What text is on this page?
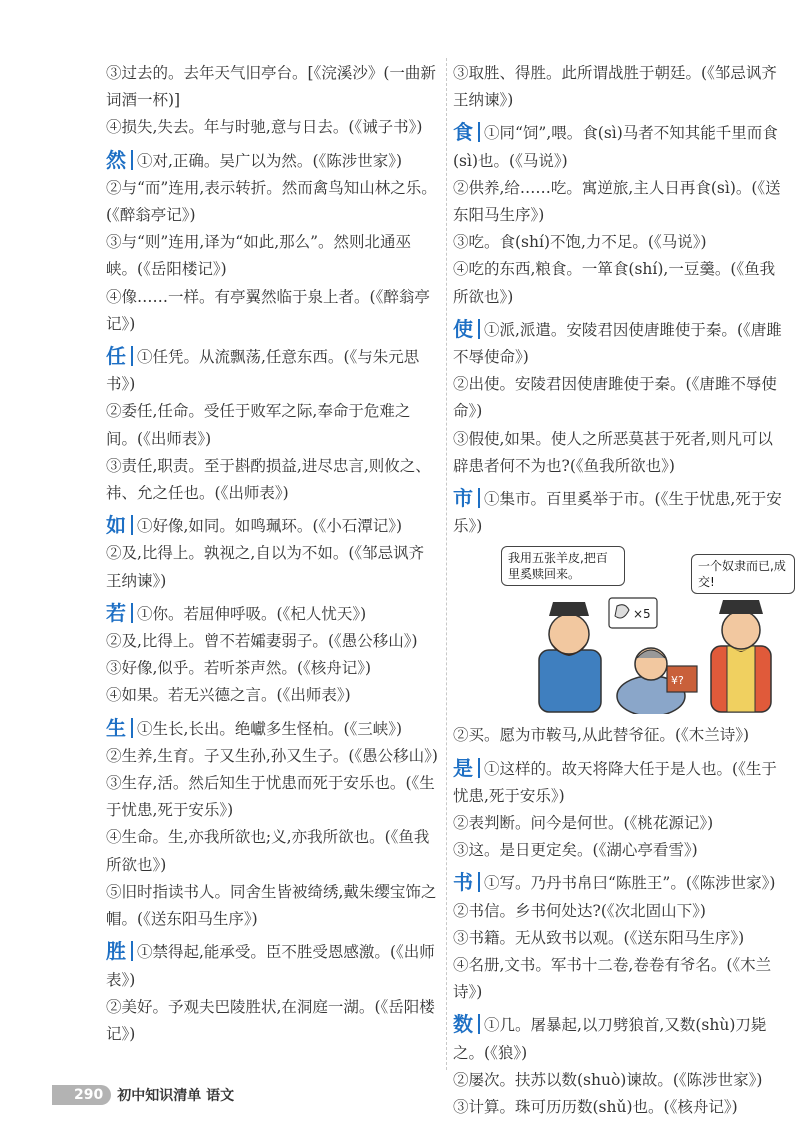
③过去的。去年天气旧亭台。[《浣溪沙》(一曲新词酒一杯)]
④损失,失去。年与时驰,意与日去。(《诫子书》)
然 ①对,正确。吴广以为然。(《陈涉世家》)
②与“而”连用,表示转折。然而禽鸟知山林之乐。(《醉翁亭记》)
③与“则”连用,译为“如此,那么”。然则北通巫峡。(《岳阳楼记》)
④像……一样。有亭翼然临于泉上者。(《醉翁亭记》)
任 ①任凭。从流飘荡,任意东西。(《与朱元思书》)
②委任,任命。受任于败军之际,奉命于危难之间。(《出师表》)
③责任,职责。至于斟酌损益,进尽忠言,则攸之、祎、允之任也。(《出师表》)
如 ①好像,如同。如鸣珮环。(《小石潭记》)
②及,比得上。孰视之,自以为不如。(《邹忌讽齐王纳谏》)
若 ①你。若屈伸呼吸。(《杞人忧天》)
②及,比得上。曾不若孀妻弱子。(《愚公移山》)
③好像,似乎。若听茶声然。(《核舟记》)
④如果。若无兴德之言。(《出师表》)
生 ①生长,长出。绝巘多生怪柏。(《三峡》)
②生养,生育。子又生孙,孙又生子。(《愚公移山》)
③生存,活。然后知生于忧患而死于安乐也。(《生于忧患,死于安乐》)
④生命。生,亦我所欲也;义,亦我所欲也。(《鱼我所欲也》)
⑤旧时指读书人。同舍生皆被绮绣,戴朱缨宝饰之帽。(《送东阳马生序》)
胜 ①禁得起,能承受。臣不胜受恩感激。(《出师表》)
②美好。予观夫巴陵胜状,在洞庭一湖。(《岳阳楼记》)
③取胜、得胜。此所谓战胜于朝廷。(《邹忌讽齐王纳谏》)
食 ①同“饲”,喂。食(sì)马者不知其能千里而食(sì)也。(《马说》)
②供养,给……吃。寓逆旅,主人日再食(sì)。(《送东阳马生序》)
③吃。食(shí)不饱,力不足。(《马说》)
④吃的东西,粮食。一箪食(shí),一豆羹。(《鱼我所欲也》)
使 ①派,派遣。安陵君因使唐雎使于秦。(《唐雎不辱使命》)
②出使。安陵君因使唐雎使于秦。(《唐雎不辱使命》)
③假使,如果。使人之所恶莫甚于死者,则凡可以辟患者何不为也?(《鱼我所欲也》)
市 ①集市。百里奚举于市。(《生于忧患,死于安乐》)
×5
¥?
我用五张羊皮,把百里奚赎回来。
一个奴隶而已,成交!
②买。愿为市鞍马,从此替爷征。(《木兰诗》)
是 ①这样的。故天将降大任于是人也。(《生于忧患,死于安乐》)
②表判断。问今是何世。(《桃花源记》)
③这。是日更定矣。(《湖心亭看雪》)
书 ①写。乃丹书帛曰“陈胜王”。(《陈涉世家》)
②书信。乡书何处达?(《次北固山下》)
③书籍。无从致书以观。(《送东阳马生序》)
④名册,文书。军书十二卷,卷卷有爷名。(《木兰诗》)
数 ①几。屠暴起,以刀劈狼首,又数(shù)刀毙之。(《狼》)
②屡次。扶苏以数(shuò)谏故。(《陈涉世家》)
③计算。珠可历历数(shǔ)也。(《核舟记》)
290	初中知识清单 语文
